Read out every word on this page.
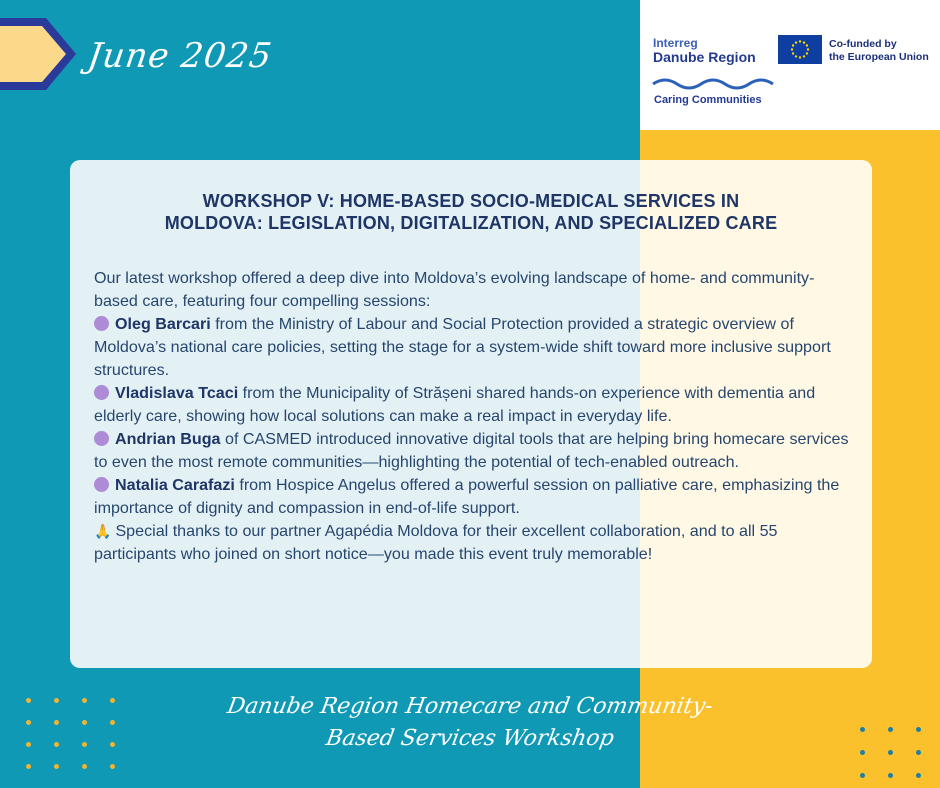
June 2025	Interreg
Danube Region
Caring Communities
Co-funded by
the European Union
WORKSHOP V: HOME-BASED SOCIO-MEDICAL SERVICES IN
MOLDOVA: LEGISLATION, DIGITALIZATION, AND SPECIALIZED CARE

Our latest workshop offered a deep dive into Moldova’s evolving landscape of home- and community-based care, featuring four compelling sessions:

Oleg Barcari from the Ministry of Labour and Social Protection provided a strategic overview of Moldova’s national care policies, setting the stage for a system-wide shift toward more inclusive support structures.

Vladislava Tcaci from the Municipality of Strășeni shared hands-on experience with dementia and elderly care, showing how local solutions can make a real impact in everyday life.

Andrian Buga of CASMED introduced innovative digital tools that are helping bring homecare services to even the most remote communities—highlighting the potential of tech-enabled outreach.

Natalia Carafazi from Hospice Angelus offered a powerful session on palliative care, emphasizing the importance of dignity and compassion in end-of-life support.

🙏 Special thanks to our partner Agapédia Moldova for their excellent collaboration, and to all 55 participants who joined on short notice—you made this event truly memorable!

Danube Region Homecare and Community-
Based Services Workshop
